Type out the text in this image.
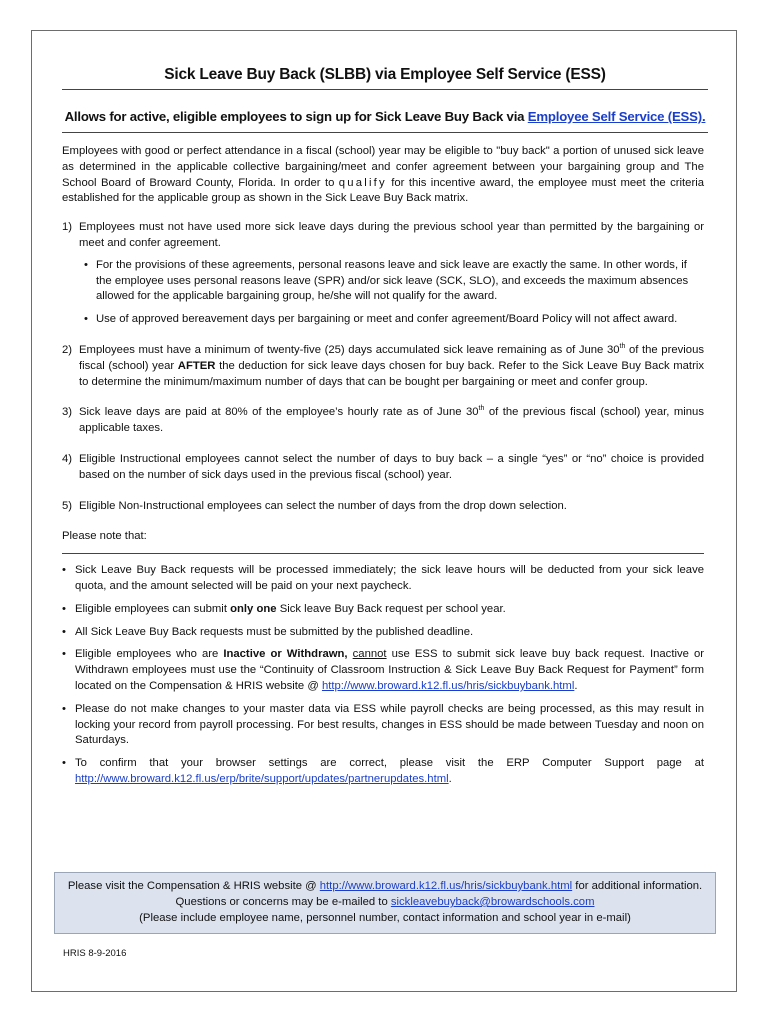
Sick Leave Buy Back (SLBB) via Employee Self Service (ESS)
Allows for active, eligible employees to sign up for Sick Leave Buy Back via Employee Self Service (ESS).

Employees with good or perfect attendance in a fiscal (school) year may be eligible to "buy back" a portion of unused sick leave as determined in the applicable collective bargaining/meet and confer agreement between your bargaining group and The School Board of Broward County, Florida. In order to qualify for this incentive award, the employee must meet the criteria established for the applicable group as shown in the Sick Leave Buy Back matrix.

1) Employees must not have used more sick leave days during the previous school year than permitted by the bargaining or meet and confer agreement.
• For the provisions of these agreements, personal reasons leave and sick leave are exactly the same. In other words, if the employee uses personal reasons leave (SPR) and/or sick leave (SCK, SLO), and exceeds the maximum absences allowed for the applicable bargaining group, he/she will not qualify for the award.
• Use of approved bereavement days per bargaining or meet and confer agreement/Board Policy will not affect award.
2) Employees must have a minimum of twenty-five (25) days accumulated sick leave remaining as of June 30th of the previous fiscal (school) year AFTER the deduction for sick leave days chosen for buy back. Refer to the Sick Leave Buy Back matrix to determine the minimum/maximum number of days that can be bought per bargaining or meet and confer group.
3) Sick leave days are paid at 80% of the employee’s hourly rate as of June 30th of the previous fiscal (school) year, minus applicable taxes.
4) Eligible Instructional employees cannot select the number of days to buy back – a single “yes” or “no” choice is provided based on the number of sick days used in the previous fiscal (school) year.
5) Eligible Non-Instructional employees can select the number of days from the drop down selection.
Please note that:
• Sick Leave Buy Back requests will be processed immediately; the sick leave hours will be deducted from your sick leave quota, and the amount selected will be paid on your next paycheck.
• Eligible employees can submit only one Sick leave Buy Back request per school year.
• All Sick Leave Buy Back requests must be submitted by the published deadline.
• Eligible employees who are Inactive or Withdrawn, cannot use ESS to submit sick leave buy back request. Inactive or Withdrawn employees must use the “Continuity of Classroom Instruction & Sick Leave Buy Back Request for Payment” form located on the Compensation & HRIS website @ http://www.broward.k12.fl.us/hris/sickbuybank.html.
• Please do not make changes to your master data via ESS while payroll checks are being processed, as this may result in locking your record from payroll processing. For best results, changes in ESS should be made between Tuesday and noon on Saturdays.
• To confirm that your browser settings are correct, please visit the ERP Computer Support page at http://www.broward.k12.fl.us/erp/brite/support/updates/partnerupdates.html.
Please visit the Compensation & HRIS website @ http://www.broward.k12.fl.us/hris/sickbuybank.html for additional information.
Questions or concerns may be e-mailed to sickleavebuyback@browardschools.com
(Please include employee name, personnel number, contact information and school year in e-mail)
HRIS 8-9-2016
